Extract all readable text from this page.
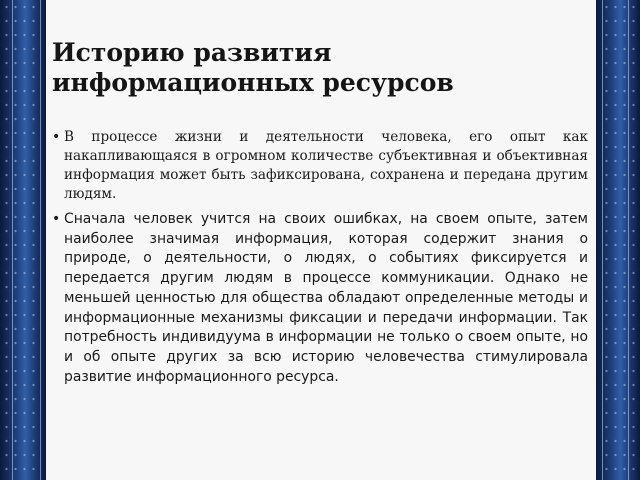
Историю развития информационных ресурсов
• В процессе жизни и деятельности человека, его опыт как накапливающаяся в огромном количестве субъективная и объективная информация может быть зафиксирована, сохранена и передана другим людям.
• Сначала человек учится на своих ошибках, на своем опыте, затем наиболее значимая информация, которая содержит знания о природе, о деятельности, о людях, о событиях фиксируется и передается другим людям в процессе коммуникации. Однако не меньшей ценностью для общества обладают определенные методы и информационные механизмы фиксации и передачи информации. Так потребность индивидуума в информации не только о своем опыте, но и об опыте других за всю историю человечества стимулировала развитие информационного ресурса.
